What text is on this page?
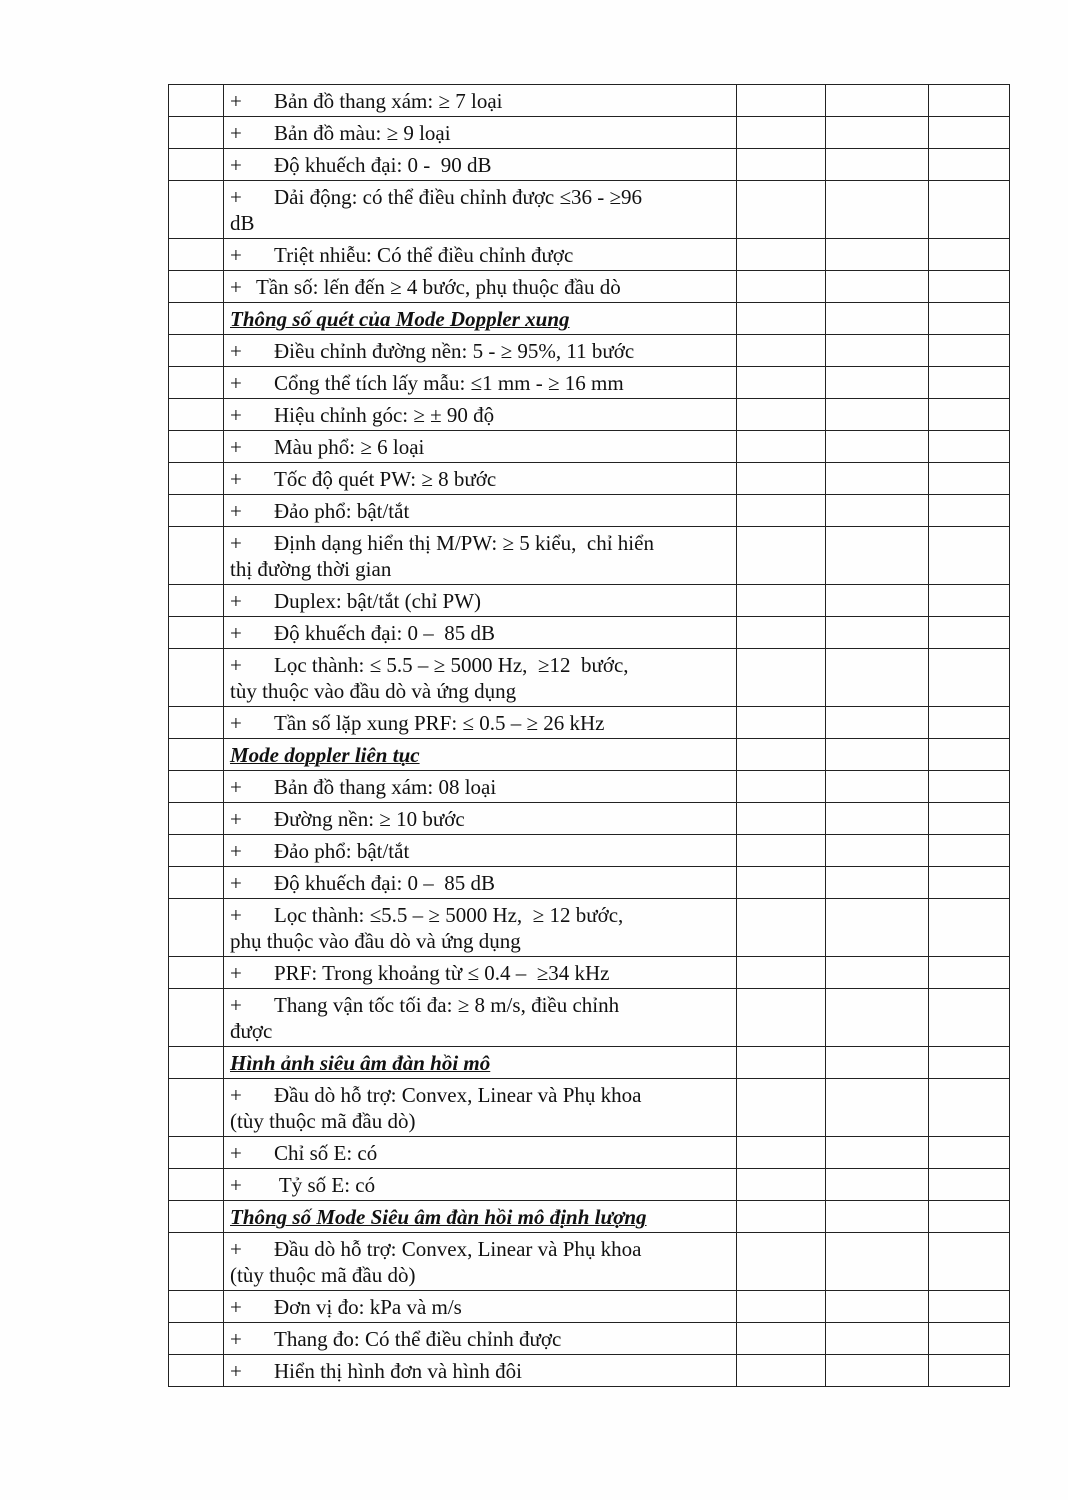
	+ Bản đồ thang xám: ≥ 7 loại			
	+ Bản đồ màu: ≥ 9 loại			
	+ Độ khuếch đại: 0 -  90 dB			
	+ Dải động: có thể điều chỉnh được ≤36 - ≥96
dB			

	+ Triệt nhiễu: Có thể điều chỉnh được			
	+ Tần số: lến đến ≥ 4 bước, phụ thuộc đầu dò			
	Thông số quét của Mode Doppler xung			
	+ Điều chỉnh đường nền: 5 - ≥ 95%, 11 bước			
	+ Cổng thể tích lấy mẫu: ≤1 mm - ≥ 16 mm			
	+ Hiệu chỉnh góc: ≥ ± 90 độ			
	+ Màu phổ: ≥ 6 loại			
	+ Tốc độ quét PW: ≥ 8 bước			
	+ Đảo phổ: bật/tắt			
	+ Định dạng hiển thị M/PW: ≥ 5 kiểu,  chỉ hiển
thị đường thời gian			

	+ Duplex: bật/tắt (chỉ PW)			
	+ Độ khuếch đại: 0 –  85 dB			
	+ Lọc thành: ≤ 5.5 – ≥ 5000 Hz,  ≥12  bước,
tùy thuộc vào đầu dò và ứng dụng			

	+ Tần số lặp xung PRF: ≤ 0.5 – ≥ 26 kHz			
	Mode doppler liên tục			
	+ Bản đồ thang xám: 08 loại			
	+ Đường nền: ≥ 10 bước			
	+ Đảo phổ: bật/tắt			
	+ Độ khuếch đại: 0 –  85 dB			
	+ Lọc thành: ≤5.5 – ≥ 5000 Hz,  ≥ 12 bước,
phụ thuộc vào đầu dò và ứng dụng			

	+ PRF: Trong khoảng từ ≤ 0.4 –  ≥34 kHz			
	+ Thang vận tốc tối đa: ≥ 8 m/s, điều chỉnh
được			

	Hình ảnh siêu âm đàn hồi mô			
	+ Đầu dò hỗ trợ: Convex, Linear và Phụ khoa
(tùy thuộc mã đầu dò)			

	+ Chỉ số E: có			
	+ Tỷ số E: có			
	Thông số Mode Siêu âm đàn hồi mô định lượng			
	+ Đầu dò hỗ trợ: Convex, Linear và Phụ khoa
(tùy thuộc mã đầu dò)			

	+ Đơn vị đo: kPa và m/s			
	+ Thang đo: Có thể điều chỉnh được			
	+ Hiển thị hình đơn và hình đôi			
